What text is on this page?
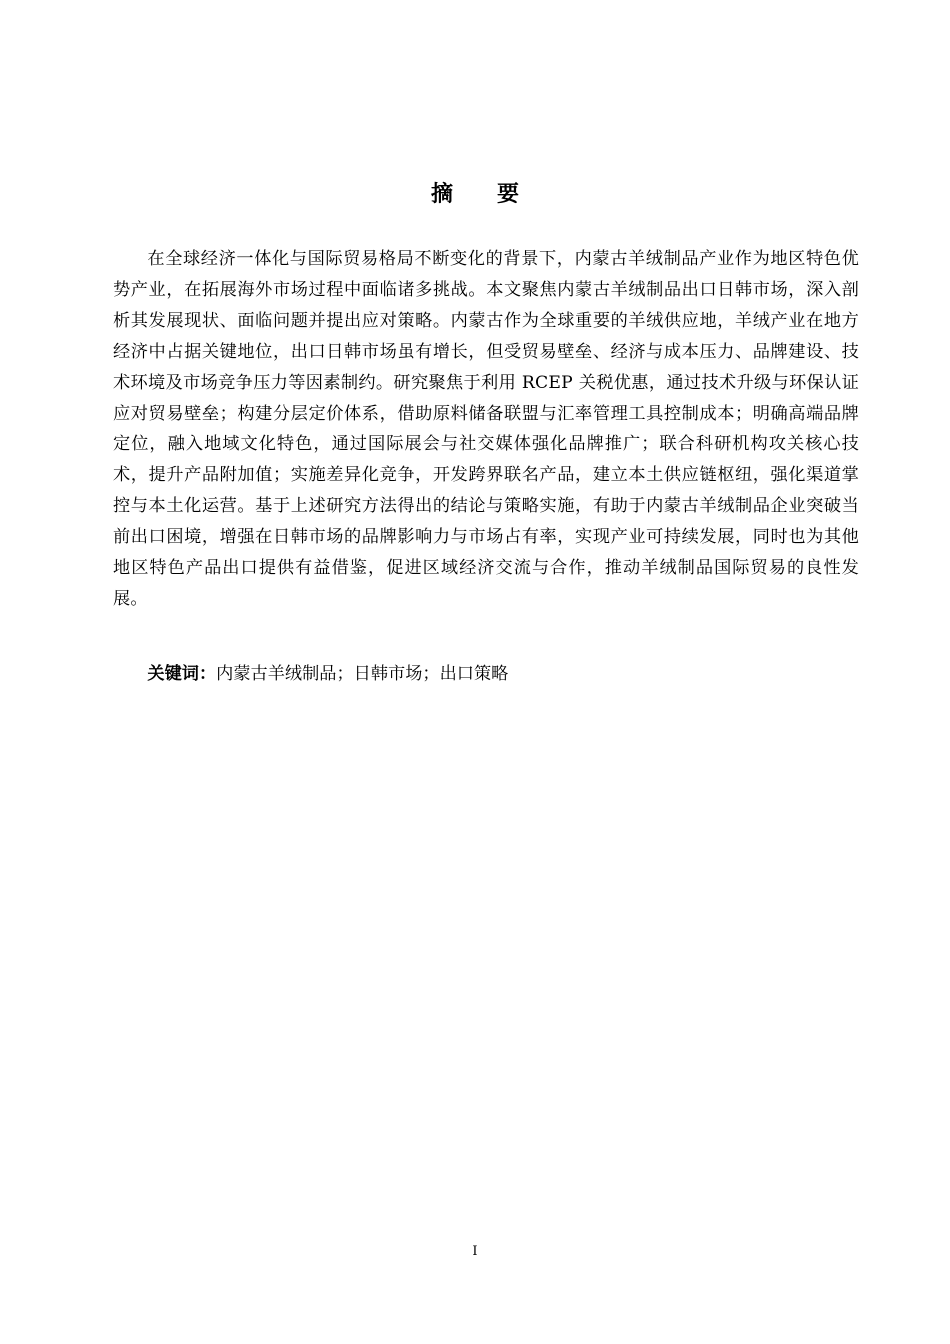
摘 要

在全球经济一体化与国际贸易格局不断变化的背景下，内蒙古羊绒制品产业作为地区特色优势产业，在拓展海外市场过程中面临诸多挑战。本文聚焦内蒙古羊绒制品出口日韩市场，深入剖析其发展现状、面临问题并提出应对策略。内蒙古作为全球重要的羊绒供应地，羊绒产业在地方经济中占据关键地位，出口日韩市场虽有增长，但受贸易壁垒、经济与成本压力、品牌建设、技术环境及市场竞争压力等因素制约。研究聚焦于利用 RCEP 关税优惠，通过技术升级与环保认证应对贸易壁垒；构建分层定价体系，借助原料储备联盟与汇率管理工具控制成本；明确高端品牌定位，融入地域文化特色，通过国际展会与社交媒体强化品牌推广；联合科研机构攻关核心技术，提升产品附加值；实施差异化竞争，开发跨界联名产品，建立本土供应链枢纽，强化渠道掌控与本土化运营。基于上述研究方法得出的结论与策略实施，有助于内蒙古羊绒制品企业突破当前出口困境，增强在日韩市场的品牌影响力与市场占有率，实现产业可持续发展，同时也为其他地区特色产品出口提供有益借鉴，促进区域经济交流与合作，推动羊绒制品国际贸易的良性发展。

关键词：内蒙古羊绒制品；日韩市场；出口策略

I
